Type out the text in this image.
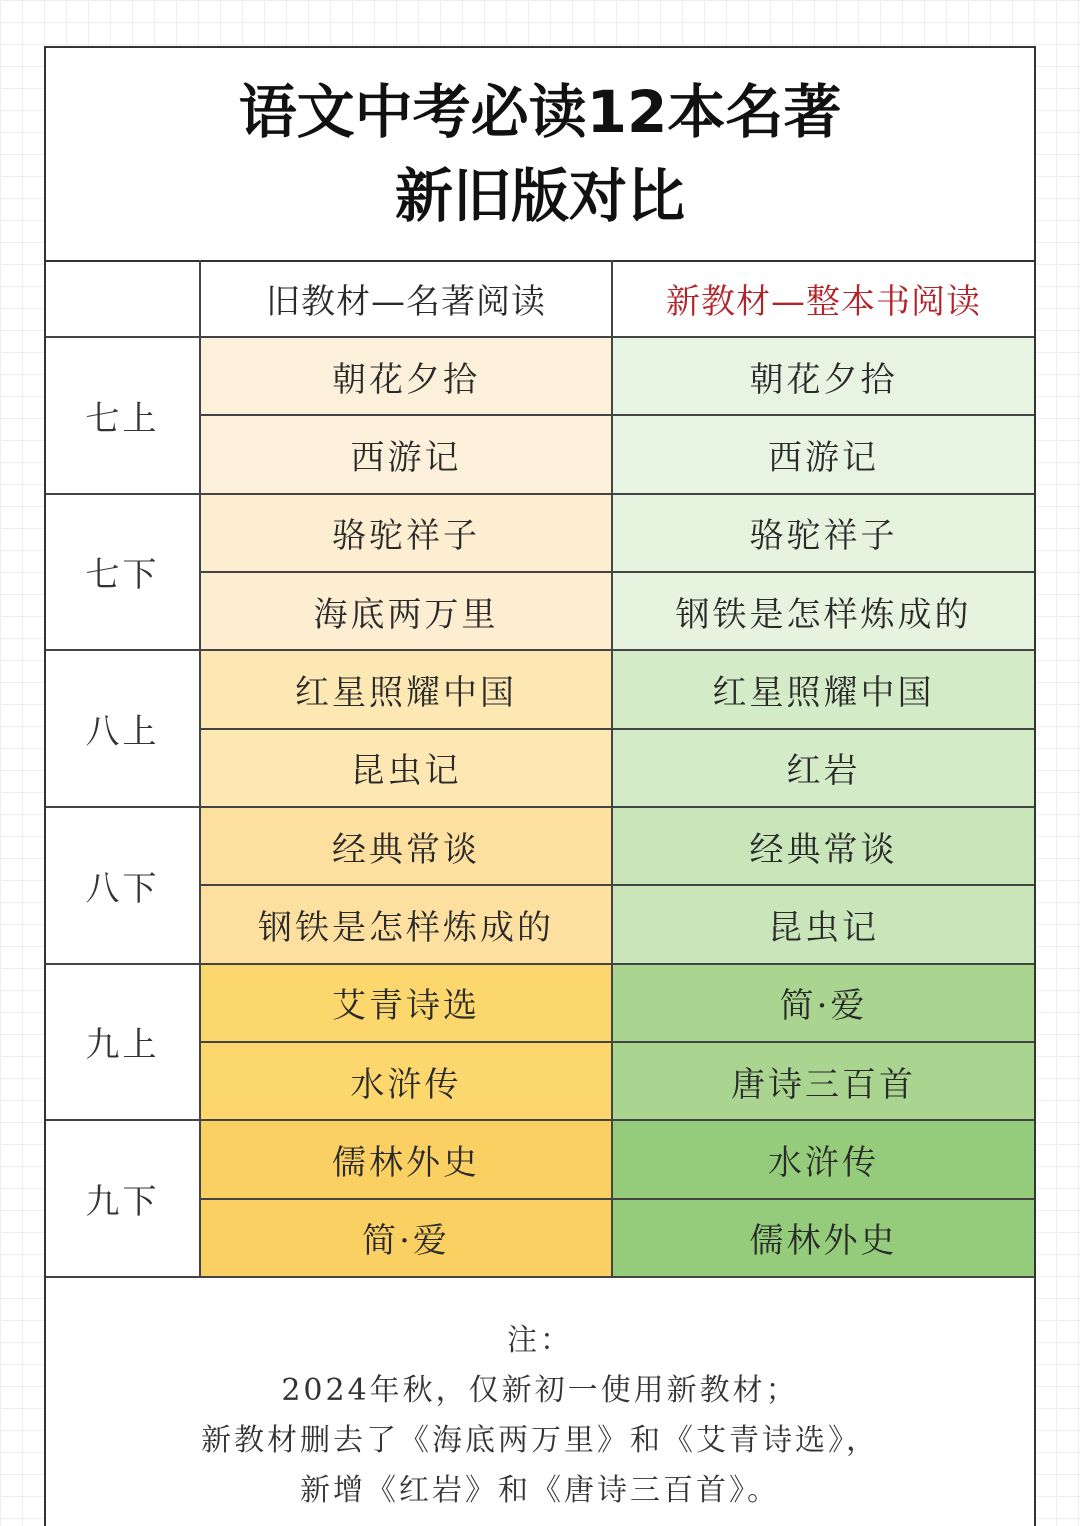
语文中考必读12本名著
新旧版对比
旧教材—名著阅读	新教材—整本书阅读
七上
朝花夕拾	朝花夕拾
西游记	西游记
七下
骆驼祥子	骆驼祥子
海底两万里	钢铁是怎样炼成的
八上
红星照耀中国	红星照耀中国
昆虫记	红岩
八下
经典常谈	经典常谈
钢铁是怎样炼成的	昆虫记
九上
艾青诗选	简·爱
水浒传	唐诗三百首
九下
儒林外史	水浒传
简·爱	儒林外史
注：
2024年秋，仅新初一使用新教材；
新教材删去了《海底两万里》和《艾青诗选》，
新增《红岩》和《唐诗三百首》。
